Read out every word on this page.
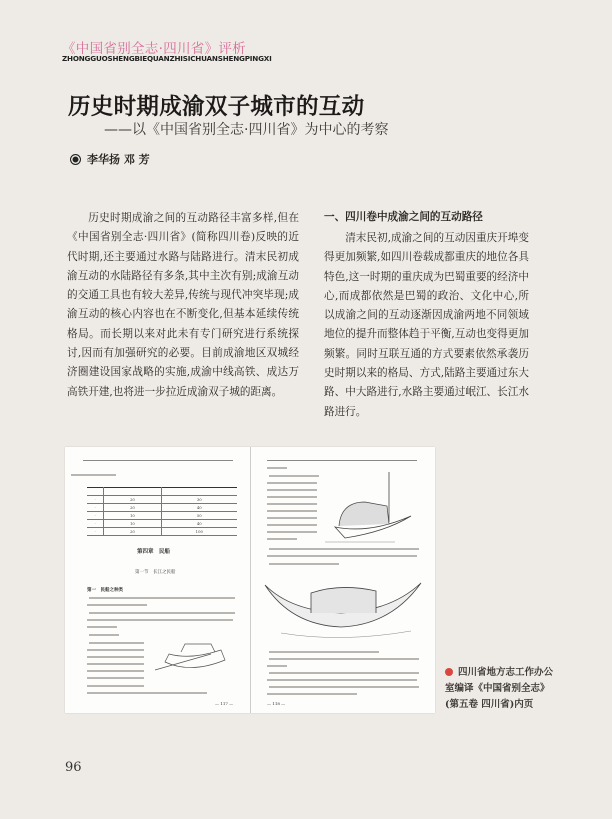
《中国省别全志·四川省》评析
ZHONGGUOSHENGBIEQUANZHISICHUANSHENGPINGXI
历史时期成渝双子城市的互动
——以《中国省别全志·四川省》为中心的考察
李华扬 邓 芳

历史时期成渝之间的互动路径丰富多样,但在《中国省别全志·四川省》(简称四川卷)反映的近代时期,还主要通过水路与陆路进行。清末民初成渝互动的水陆路径有多条,其中主次有别;成渝互动的交通工具也有较大差异,传统与现代冲突毕现;成渝互动的核心内容也在不断变化,但基本延续传统格局。而长期以来对此未有专门研究进行系统探讨,因而有加强研究的必要。目前成渝地区双城经济圈建设国家战略的实施,成渝中线高铁、成达万高铁开建,也将进一步拉近成渝双子城的距离。

一、四川卷中成渝之间的互动路径

清末民初,成渝之间的互动因重庆开埠变得更加频繁,如四川卷载成都重庆的地位各具特色,这一时期的重庆成为巴蜀重要的经济中心,而成都依然是巴蜀的政治、文化中心,所以成渝之间的互动逐渐因成渝两地不同领域地位的提升而整体趋于平衡,互动也变得更加频繁。同时互联互通的方式要素依然承袭历史时期以来的格局、方式,陆路主要通过东大路、中大路进行,水路主要通过岷江、长江水路进行。

·	20	30
·	20	40
·	10	50
·	10	40
·	20	100
第四章　民船
第一节　长江之民船
第一　民船之种类
— 117 —
	— 118 —
四川省地方志工作办公室编译《中国省别全志》(第五卷 四川省)内页
96
